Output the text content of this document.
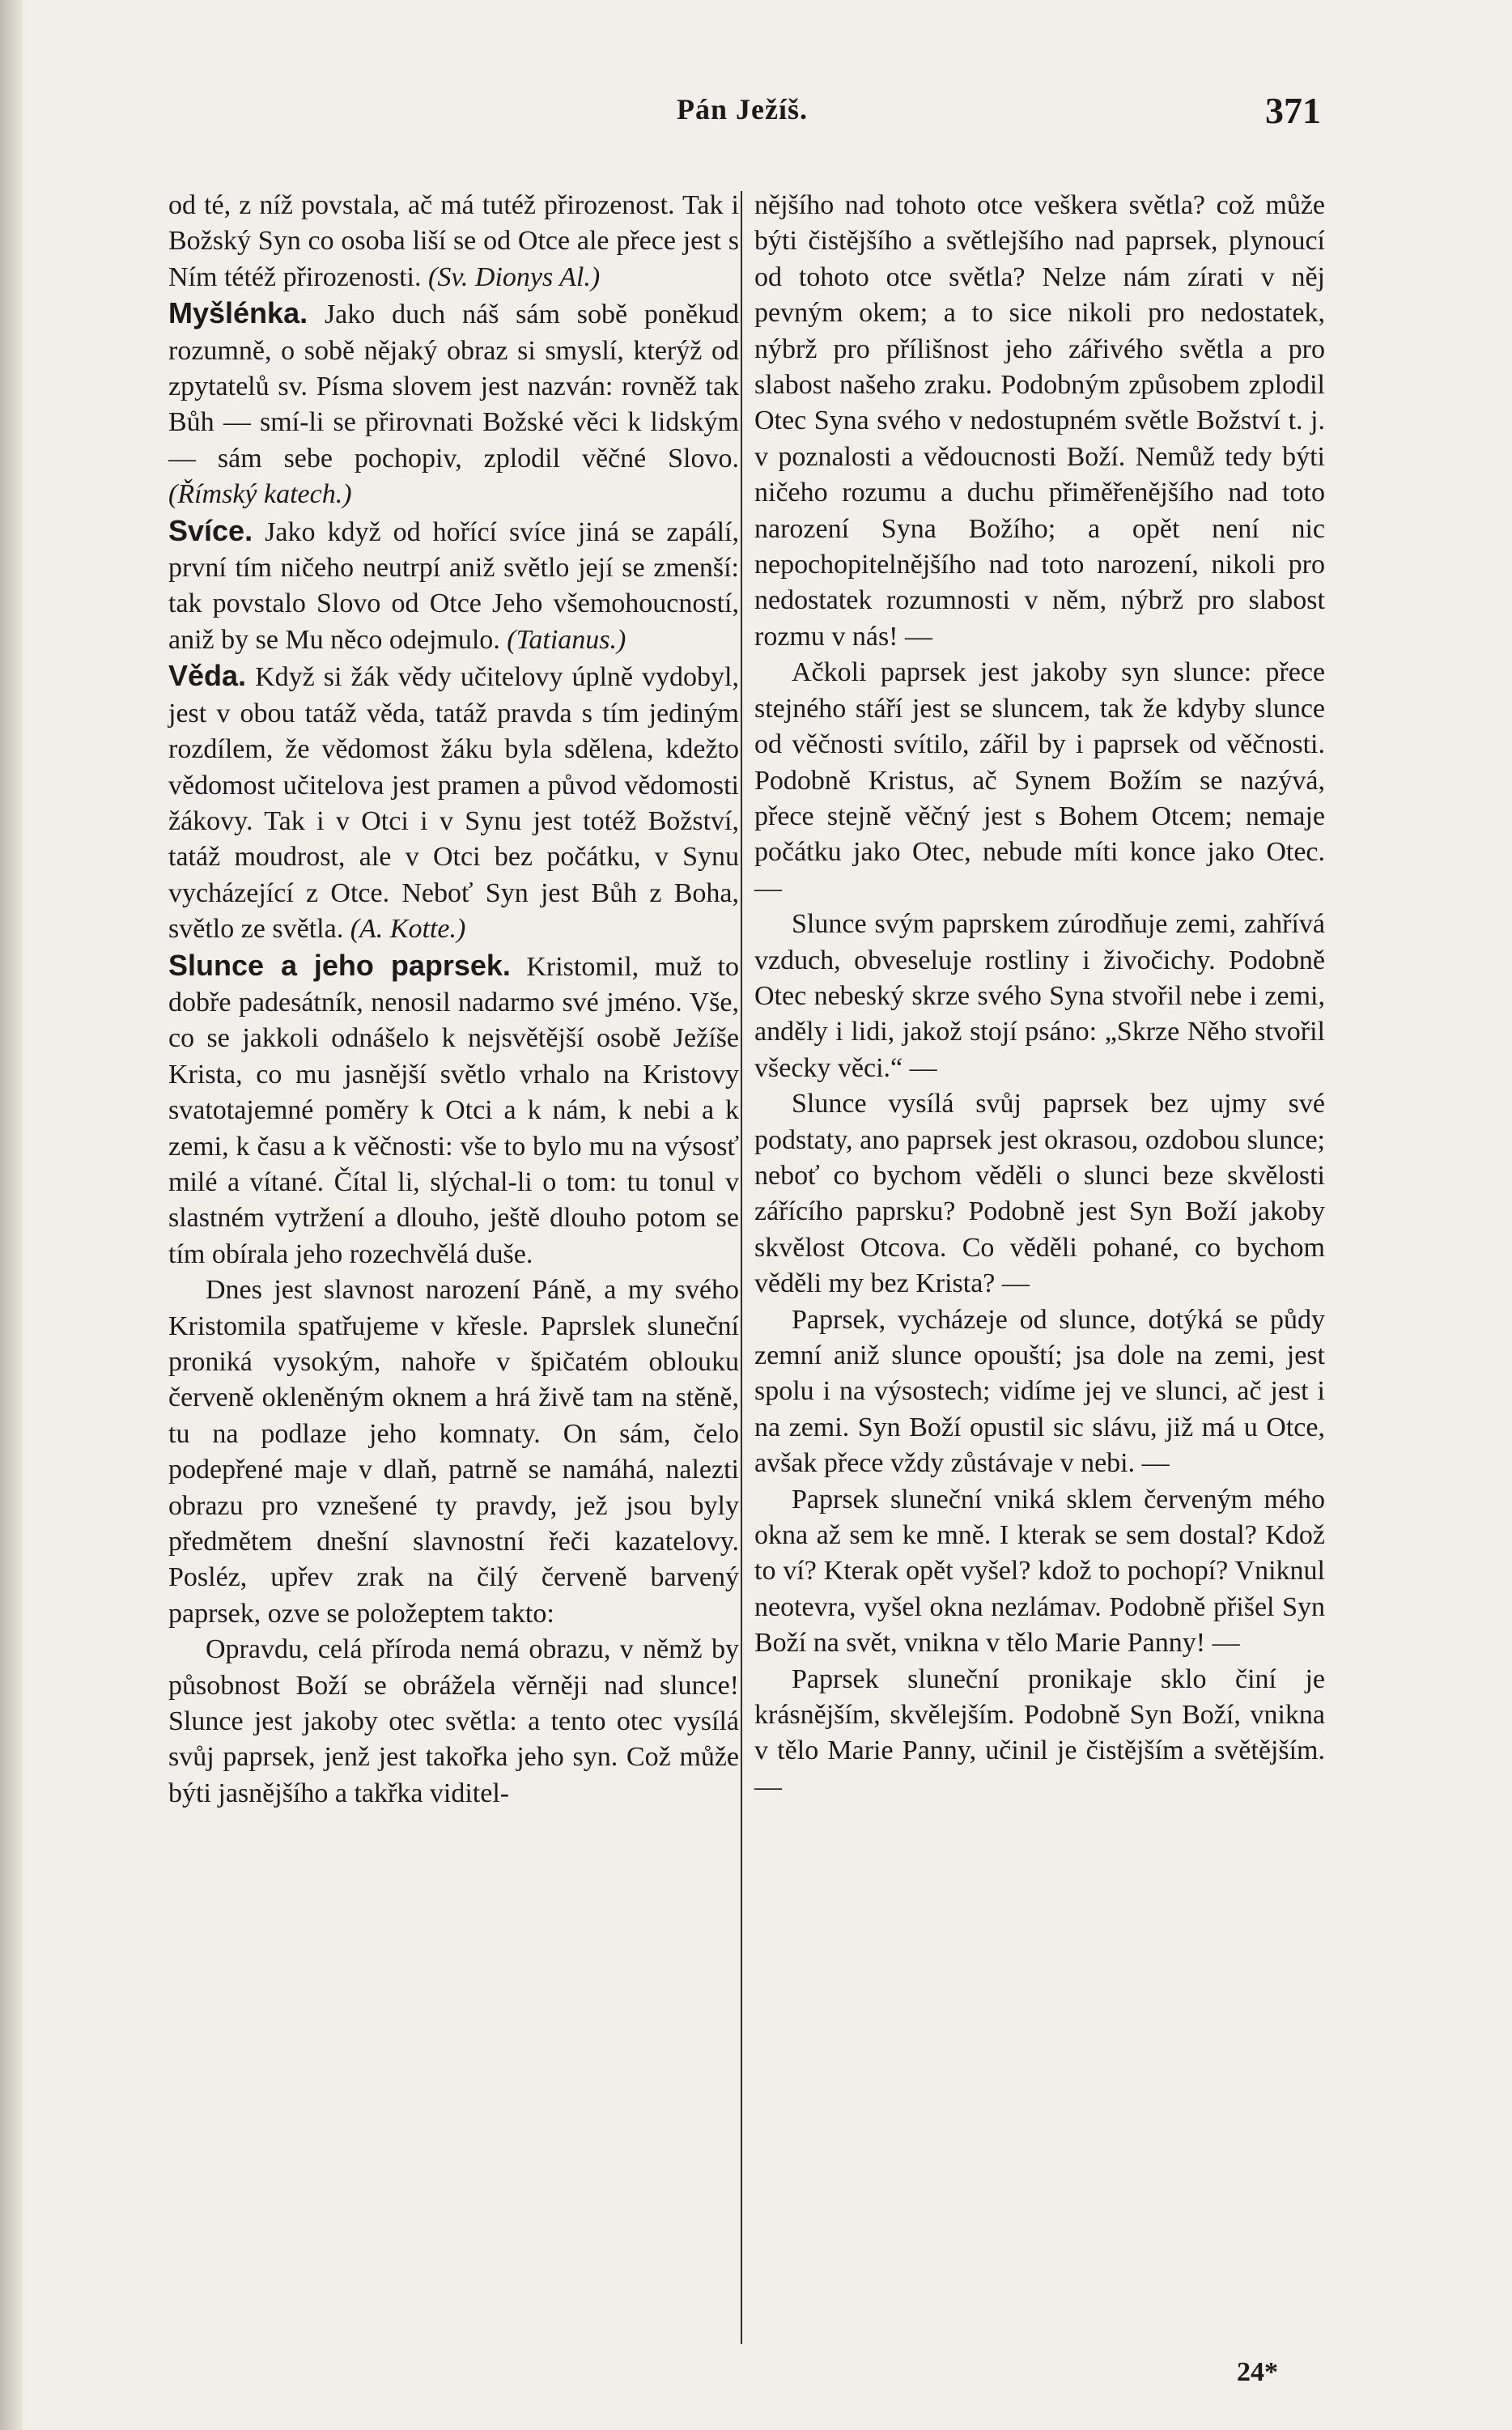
Pán Ježíš.	371

od té, z níž povstala, ač má tutéž přirozenost. Tak i Božský Syn co osoba liší se od Otce ale přece jest s Ním tétéž přirozenosti. (Sv. Dionys Al.)

Myšlénka. Jako duch náš sám sobě poněkud rozumně, o sobě nějaký obraz si smyslí, kterýž od zpytatelů sv. Písma slovem jest nazván: rovněž tak Bůh — smí-li se přirovnati Božské věci k lidským — sám sebe pochopiv, zplodil věčné Slovo. (Římský katech.)

Svíce. Jako když od hořící svíce jiná se zapálí, první tím ničeho neutrpí aniž světlo její se zmenší: tak povstalo Slovo od Otce Jeho všemohoucností, aniž by se Mu něco odejmulo. (Tatianus.)

Věda. Když si žák vědy učitelovy úplně vydobyl, jest v obou tatáž věda, tatáž pravda s tím jediným rozdílem, že vědomost žáku byla sdělena, kdežto vědomost učitelova jest pramen a původ vědomosti žákovy. Tak i v Otci i v Synu jest totéž Božství, tatáž moudrost, ale v Otci bez počátku, v Synu vycházející z Otce. Neboť Syn jest Bůh z Boha, světlo ze světla. (A. Kotte.)

Slunce a jeho paprsek. Kristomil, muž to dobře padesátník, nenosil nadarmo své jméno. Vše, co se jakkoli odnášelo k nejsvětější osobě Ježíše Krista, co mu jasnější světlo vrhalo na Kristovy svatotajemné poměry k Otci a k nám, k nebi a k zemi, k času a k věčnosti: vše to bylo mu na výsosť milé a vítané. Čítal li, slýchal-li o tom: tu tonul v slastném vytržení a dlouho, ještě dlouho potom se tím obírala jeho rozechvělá duše.

Dnes jest slavnost narození Páně, a my svého Kristomila spatřujeme v křesle. Paprslek sluneční proniká vysokým, nahoře v špičatém oblouku červeně okleněným oknem a hrá živě tam na stěně, tu na podlaze jeho komnaty. On sám, čelo podepřené maje v dlaň, patrně se namáhá, nalezti obrazu pro vznešené ty pravdy, jež jsou byly předmětem dnešní slavnostní řeči kazatelovy. Posléz, upřev zrak na čilý červeně barvený paprsek, ozve se položeptem takto:

Opravdu, celá příroda nemá obrazu, v němž by působnost Boží se obrážela věrněji nad slunce! Slunce jest jakoby otec světla: a tento otec vysílá svůj paprsek, jenž jest takořka jeho syn. Což může býti jasnějšího a takřka viditel-

nějšího nad tohoto otce veškera světla? což může býti čistějšího a světlejšího nad paprsek, plynoucí od tohoto otce světla? Nelze nám zírati v něj pevným okem; a to sice nikoli pro nedostatek, nýbrž pro přílišnost jeho zářivého světla a pro slabost našeho zraku. Podobným způsobem zplodil Otec Syna svého v nedostupném světle Božství t. j. v poznalosti a vědoucnosti Boží. Nemůž tedy býti ničeho rozumu a duchu přiměřenějšího nad toto narození Syna Božího; a opět není nic nepochopitelnějšího nad toto narození, nikoli pro nedostatek rozumnosti v něm, nýbrž pro slabost rozmu v nás! —

Ačkoli paprsek jest jakoby syn slunce: přece stejného stáří jest se sluncem, tak že kdyby slunce od věčnosti svítilo, zářil by i paprsek od věčnosti. Podobně Kristus, ač Synem Božím se nazývá, přece stejně věčný jest s Bohem Otcem; nemaje počátku jako Otec, nebude míti konce jako Otec. —

Slunce svým paprskem zúrodňuje zemi, zahřívá vzduch, obveseluje rostliny i živočichy. Podobně Otec nebeský skrze svého Syna stvořil nebe i zemi, anděly i lidi, jakož stojí psáno: „Skrze Něho stvořil všecky věci.“ —

Slunce vysílá svůj paprsek bez ujmy své podstaty, ano paprsek jest okrasou, ozdobou slunce; neboť co bychom věděli o slunci beze skvělosti zářícího paprsku? Podobně jest Syn Boží jakoby skvělost Otcova. Co věděli pohané, co bychom věděli my bez Krista? —

Paprsek, vycházeje od slunce, dotýká se půdy zemní aniž slunce opouští; jsa dole na zemi, jest spolu i na výsostech; vidíme jej ve slunci, ač jest i na zemi. Syn Boží opustil sic slávu, již má u Otce, avšak přece vždy zůstávaje v nebi. —

Paprsek sluneční vniká sklem červeným mého okna až sem ke mně. I kterak se sem dostal? Kdož to ví? Kterak opět vyšel? kdož to pochopí? Vniknul neotevra, vyšel okna nezlámav. Podobně přišel Syn Boží na svět, vnikna v tělo Marie Panny! —

Paprsek sluneční pronikaje sklo činí je krásnějším, skvělejším. Podobně Syn Boží, vnikna v tělo Marie Panny, učinil je čistějším a světějším. —

24*
